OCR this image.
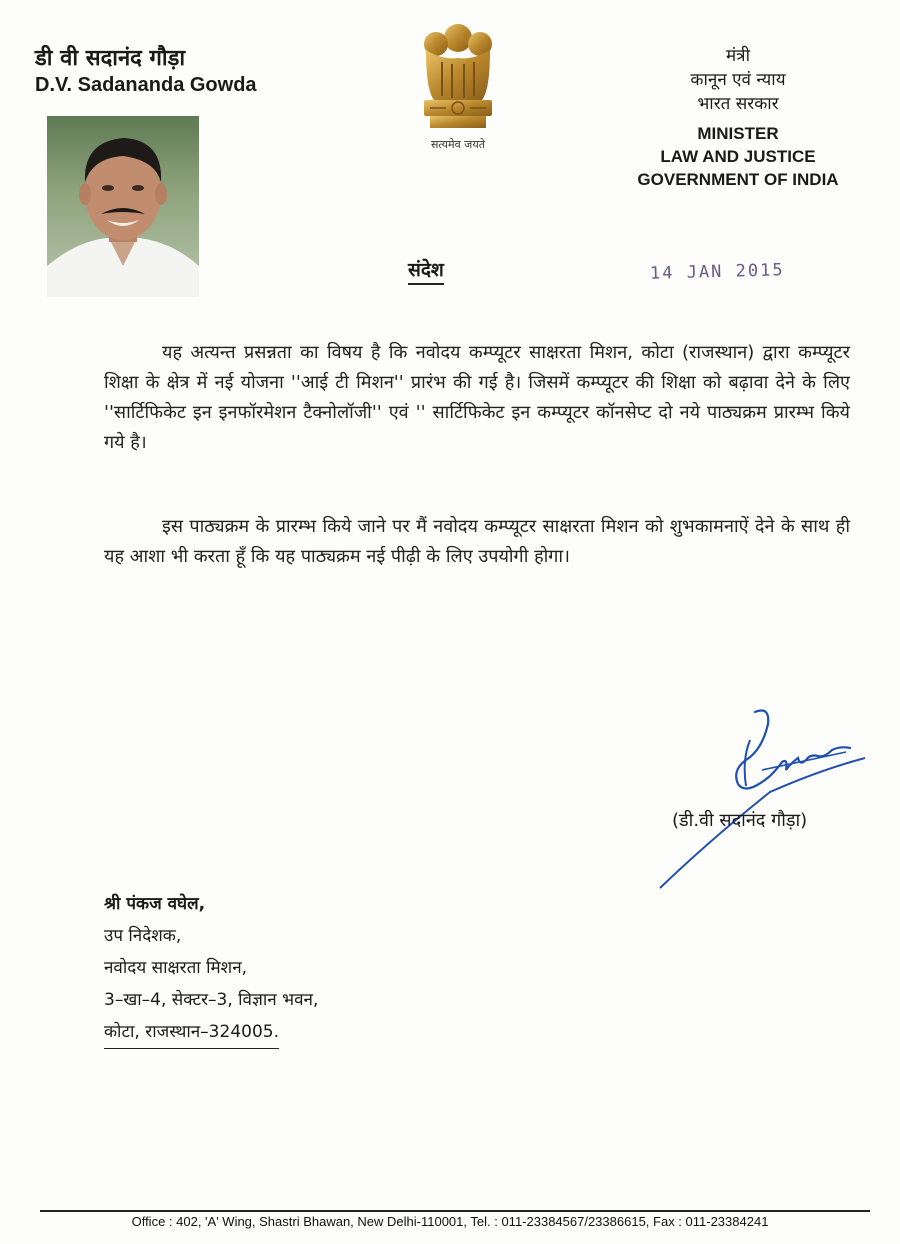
डी वी सदानंद गौड़ा
D.V. Sadananda Gowda
सत्यमेव जयते
मंत्री
कानून एवं न्याय
भारत सरकार
MINISTER
LAW AND JUSTICE
GOVERNMENT OF INDIA
संदेश	14 JAN 2015
यह अत्यन्त प्रसन्नता का विषय है कि नवोदय कम्प्यूटर साक्षरता मिशन, कोटा (राजस्थान) द्वारा कम्प्यूटर शिक्षा के क्षेत्र में नई योजना ''आई टी मिशन'' प्रारंभ की गई है। जिसमें कम्प्यूटर की शिक्षा को बढ़ावा देने के लिए ''सार्टिफिकेट इन इनफॉरमेशन टैक्नोलॉजी'' एवं '' सार्टिफिकेट इन कम्प्यूटर कॉनसेप्ट दो नये पाठ्यक्रम प्रारम्भ किये गये है।
इस पाठ्यक्रम के प्रारम्भ किये जाने पर मैं नवोदय कम्प्यूटर साक्षरता मिशन को शुभकामनाऐं देने के साथ ही यह आशा भी करता हूँ कि यह पाठ्यक्रम नई पीढ़ी के लिए उपयोगी होगा।
(डी.वी सदानंद गौड़ा)
श्री पंकज वघेल,
उप निदेशक,
नवोदय साक्षरता मिशन,
3–खा–4, सेक्टर–3, विज्ञान भवन,
कोटा, राजस्थान–324005.
Office : 402, 'A' Wing, Shastri Bhawan, New Delhi-110001, Tel. : 011-23384567/23386615, Fax : 011-23384241
